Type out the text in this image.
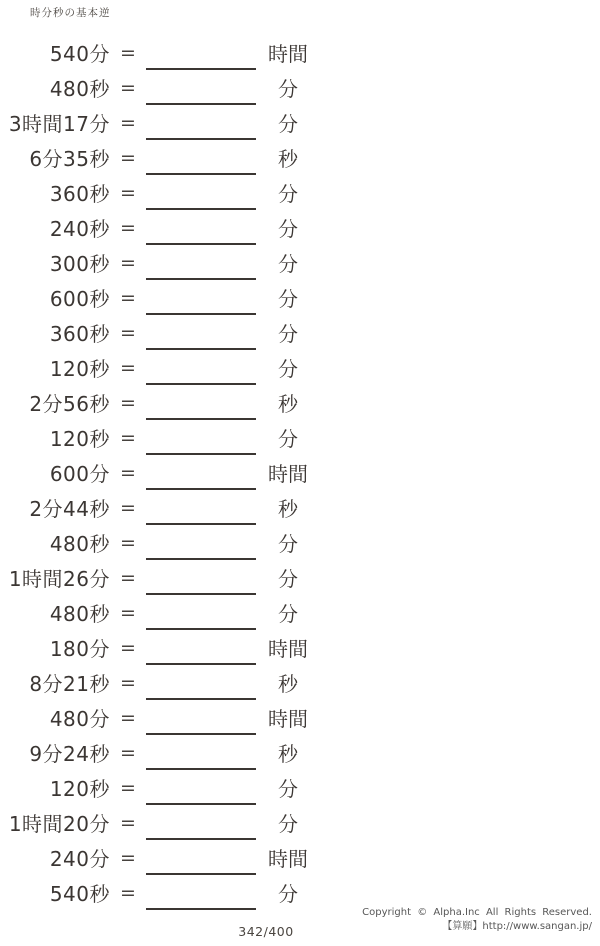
時分秒の基本逆
540分 =	時間
480秒 =	分
3時間17分 =	分
6分35秒 =	秒
360秒 =	分
240秒 =	分
300秒 =	分
600秒 =	分
360秒 =	分
120秒 =	分
2分56秒 =	秒
120秒 =	分
600分 =	時間
2分44秒 =	秒
480秒 =	分
1時間26分 =	分
480秒 =	分
180分 =	時間
8分21秒 =	秒
480分 =	時間
9分24秒 =	秒
120秒 =	分
1時間20分 =	分
240分 =	時間
540秒 =	分
342/400
Copyright © Alpha.Inc All Rights Reserved.
【算願】http://www.sangan.jp/
